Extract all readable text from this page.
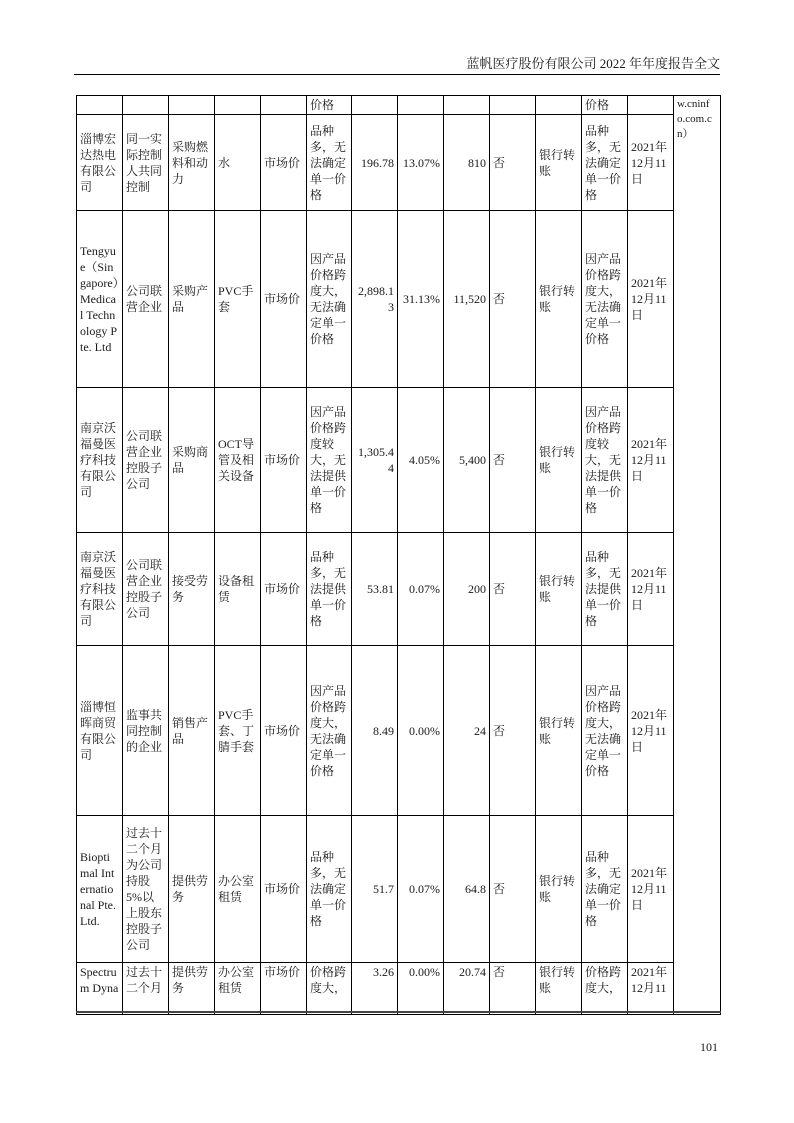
蓝帆医疗股份有限公司 2022 年年度报告全文
					价格						价格		w.cninfo.com.cn）
淄博宏达热电有限公司	同一实际控制人共同控制	采购燃料和动力	水	市场价	品种多，无法确定单一价格	196.78	13.07%	810	否	银行转账	品种多，无法确定单一价格	2021年12月11日	
Tengyue（Singapore）Medical Technology Pte. Ltd	公司联营企业	采购产品	PVC手套	市场价	因产品价格跨度大，无法确定单一价格	2,898.13	31.13%	11,520	否	银行转账	因产品价格跨度大，无法确定单一价格	2021年12月11日	
南京沃福曼医疗科技有限公司	公司联营企业控股子公司	采购商品	OCT导管及相关设备	市场价	因产品价格跨度较大，无法提供单一价格	1,305.44	4.05%	5,400	否	银行转账	因产品价格跨度较大，无法提供单一价格	2021年12月11日	
南京沃福曼医疗科技有限公司	公司联营企业控股子公司	接受劳务	设备租赁	市场价	品种多，无法提供单一价格	53.81	0.07%	200	否	银行转账	品种多，无法提供单一价格	2021年12月11日	
淄博恒晖商贸有限公司	监事共同控制的企业	销售产品	PVC手套、丁腈手套	市场价	因产品价格跨度大，无法确定单一价格	8.49	0.00%	24	否	银行转账	因产品价格跨度大，无法确定单一价格	2021年12月11日	
Bioptimal International Pte. Ltd.	过去十二个月为公司持股 5%以上股东控股子公司	提供劳务	办公室租赁	市场价	品种多，无法确定单一价格	51.7	0.07%	64.8	否	银行转账	品种多，无法确定单一价格	2021年12月11日	
Spectrum Dyna	过去十二个月	提供劳务	办公室租赁	市场价	价格跨度大，	3.26	0.00%	20.74	否	银行转账	价格跨度大，	2021年12月11	
101
